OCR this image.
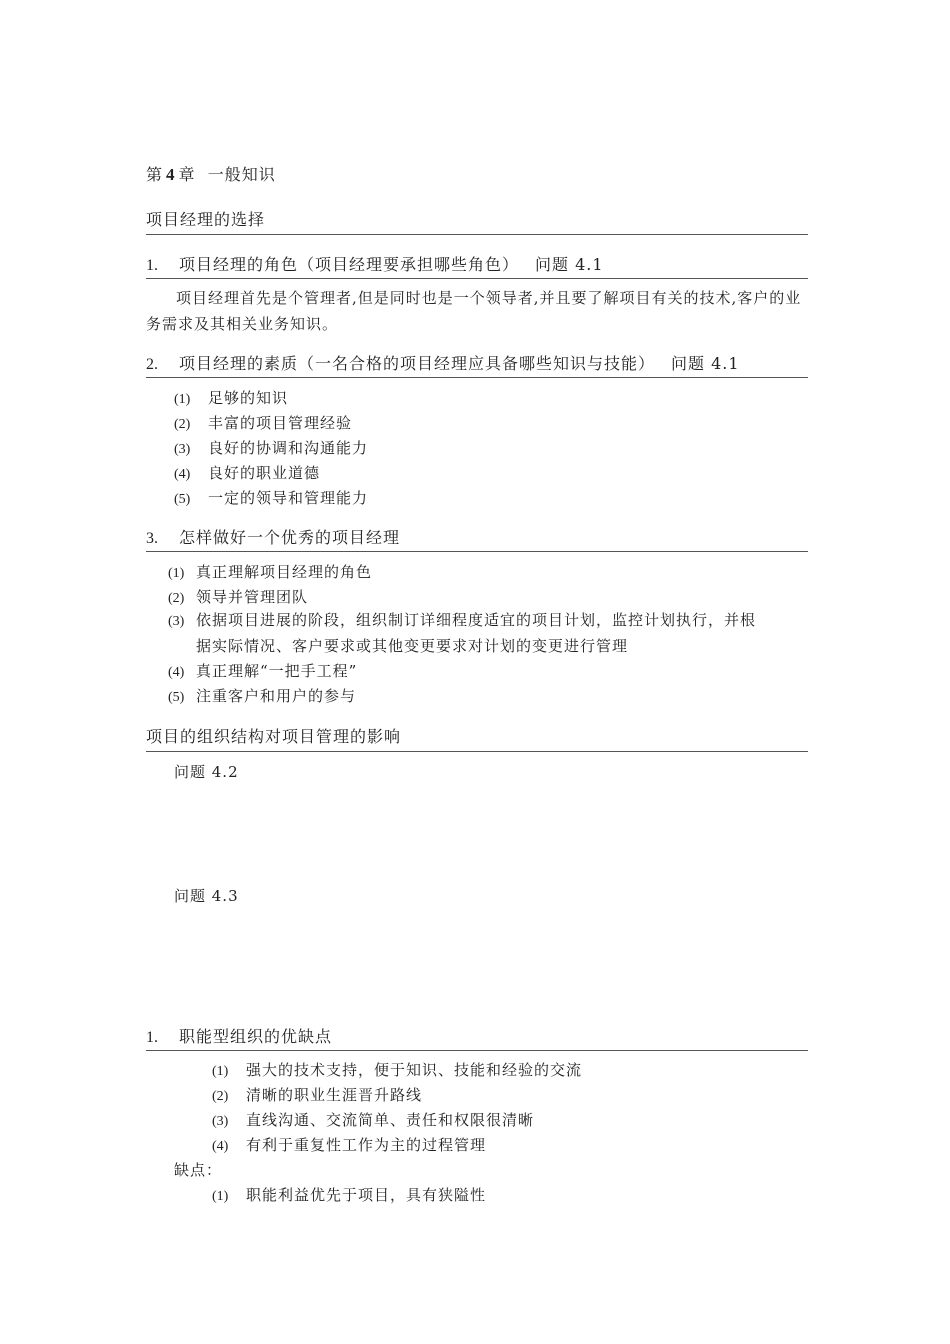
第 4 章 一般知识
项目经理的选择
1. 项目经理的角色（项目经理要承担哪些角色） 问题 4.1
项目经理首先是个管理者,但是同时也是一个领导者,并且要了解项目有关的技术,客户的业务需求及其相关业务知识。
2. 项目经理的素质（一名合格的项目经理应具备哪些知识与技能） 问题 4.1
(1) 足够的知识
(2) 丰富的项目管理经验
(3) 良好的协调和沟通能力
(4) 良好的职业道德
(5) 一定的领导和管理能力
3. 怎样做好一个优秀的项目经理
(1) 真正理解项目经理的角色
(2) 领导并管理团队
(3) 依据项目进展的阶段，组织制订详细程度适宜的项目计划，监控计划执行，并根
据实际情况、客户要求或其他变更要求对计划的变更进行管理
(4) 真正理解“一把手工程”
(5) 注重客户和用户的参与
项目的组织结构对项目管理的影响
问题 4.2
问题 4.3
1. 职能型组织的优缺点
(1) 强大的技术支持，便于知识、技能和经验的交流
(2) 清晰的职业生涯晋升路线
(3) 直线沟通、交流简单、责任和权限很清晰
(4) 有利于重复性工作为主的过程管理
缺点：
(1) 职能利益优先于项目，具有狭隘性
